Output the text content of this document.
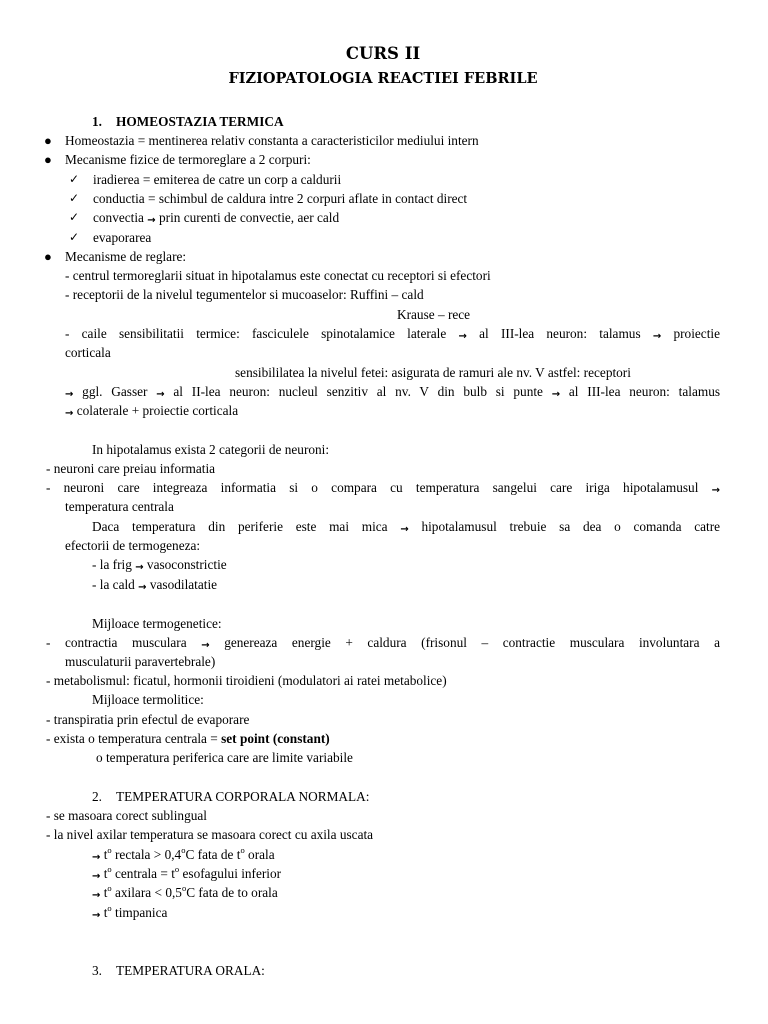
CURS II
FIZIOPATOLOGIA REACTIEI FEBRILE
1. HOMEOSTAZIA TERMICA
● Homeostazia = mentinerea relativ constanta a caracteristicilor mediului intern
● Mecanisme fizice de termoreglare a 2 corpuri:
✓ iradierea = emiterea de catre un corp a caldurii
✓ conductia = schimbul de caldura intre 2 corpuri aflate in contact direct
✓ convectia → prin curenti de convectie, aer cald
✓ evaporarea
● Mecanisme de reglare:
- centrul termoreglarii situat in hipotalamus este conectat cu receptori si efectori
- receptorii de la nivelul tegumentelor si mucoaselor: Ruffini – cald
Krause – rece
- caile sensibilitatii termice: fasciculele spinotalamice laterale → al III-lea neuron: talamus → proiectie
corticala
sensibililatea la nivelul fetei: asigurata de ramuri ale nv. V astfel: receptori
→ ggl. Gasser → al II-lea neuron: nucleul senzitiv al nv. V din bulb si punte → al III-lea neuron: talamus
→ colaterale + proiectie corticala
In hipotalamus exista 2 categorii de neuroni:
- neuroni care preiau informatia
- neuroni care integreaza informatia si o compara cu temperatura sangelui care iriga hipotalamusul →
temperatura centrala
Daca temperatura din periferie este mai mica → hipotalamusul trebuie sa dea o comanda catre
efectorii de termogeneza:
- la frig → vasoconstrictie
- la cald → vasodilatatie
Mijloace termogenetice:
- contractia musculara → genereaza energie + caldura (frisonul – contractie musculara involuntara a
musculaturii paravertebrale)
- metabolismul: ficatul, hormonii tiroidieni (modulatori ai ratei metabolice)
Mijloace termolitice:
- transpiratia prin efectul de evaporare
- exista o temperatura centrala = set point (constant)
o temperatura periferica care are limite variabile
2. TEMPERATURA CORPORALA NORMALA:
- se masoara corect sublingual
- la nivel axilar temperatura se masoara corect cu axila uscata
→ $t^o$ rectala > $0,4^oC$ fata de $t^o$ orala
→ $t^o$ centrala = $t^o$ esofagului inferior
→ $t^o$ axilara < $0,5^oC$ fata de to orala
→ $t^o$ timpanica
3. TEMPERATURA ORALA:
